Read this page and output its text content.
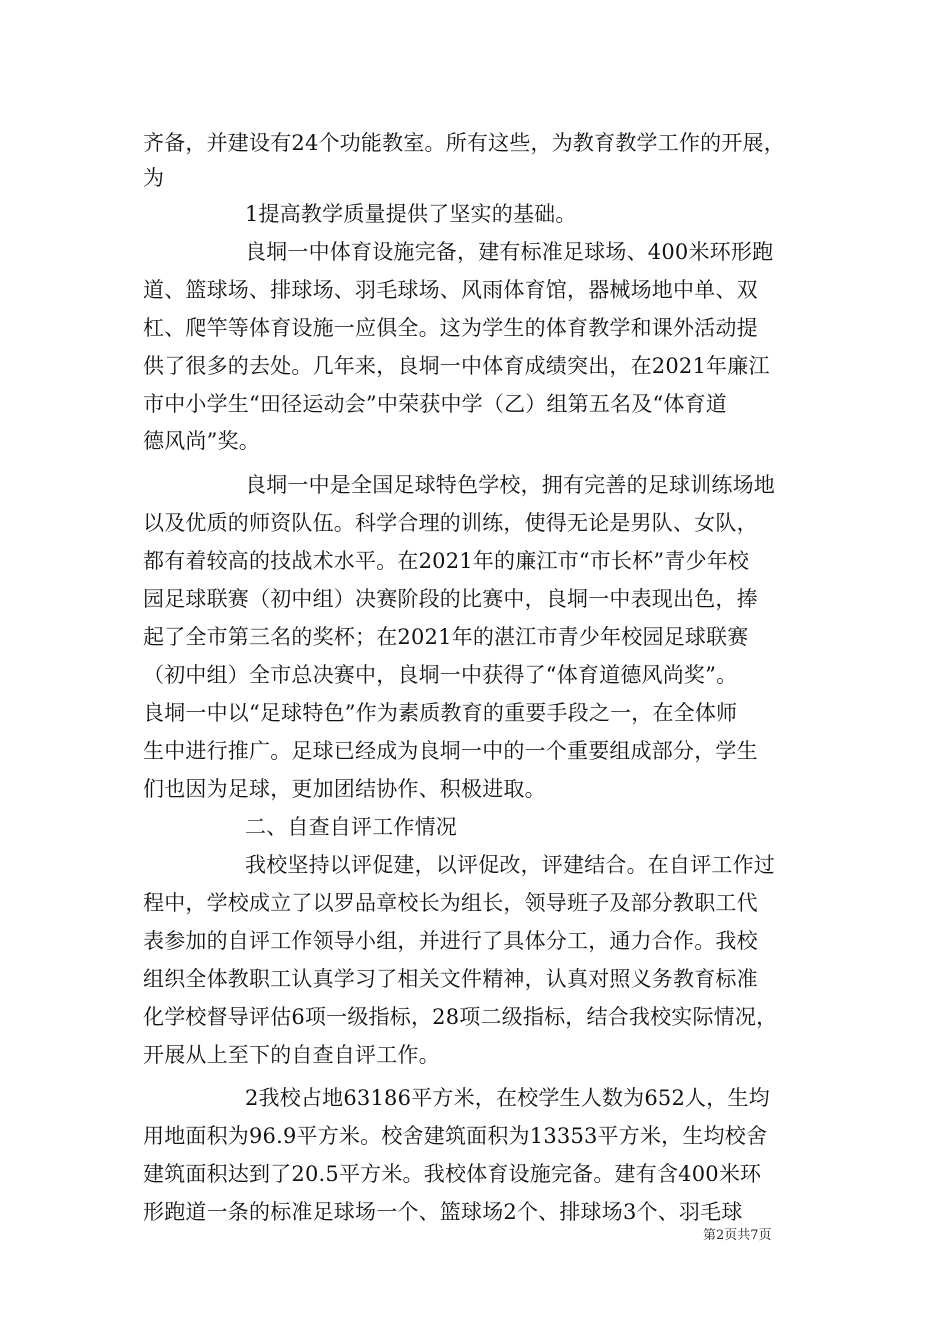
齐备，并建设有24个功能教室。所有这些，为教育教学工作的开展，
为
1提高教学质量提供了坚实的基础。
良垌一中体育设施完备，建有标准足球场、400米环形跑
道、篮球场、排球场、羽毛球场、风雨体育馆，器械场地中单、双
杠、爬竿等体育设施一应俱全。这为学生的体育教学和课外活动提
供了很多的去处。几年来，良垌一中体育成绩突出，在2021年廉江
市中小学生“田径运动会”中荣获中学（乙）组第五名及“体育道
德风尚”奖。
良垌一中是全国足球特色学校，拥有完善的足球训练场地
以及优质的师资队伍。科学合理的训练，使得无论是男队、女队，
都有着较高的技战术水平。在2021年的廉江市“市长杯”青少年校
园足球联赛（初中组）决赛阶段的比赛中，良垌一中表现出色，捧
起了全市第三名的奖杯；在2021年的湛江市青少年校园足球联赛
（初中组）全市总决赛中，良垌一中获得了“体育道德风尚奖”。
良垌一中以“足球特色”作为素质教育的重要手段之一，在全体师
生中进行推广。足球已经成为良垌一中的一个重要组成部分，学生
们也因为足球，更加团结协作、积极进取。
二、自查自评工作情况
我校坚持以评促建，以评促改，评建结合。在自评工作过
程中，学校成立了以罗品章校长为组长，领导班子及部分教职工代
表参加的自评工作领导小组，并进行了具体分工，通力合作。我校
组织全体教职工认真学习了相关文件精神，认真对照义务教育标准
化学校督导评估6项一级指标，28项二级指标，结合我校实际情况，
开展从上至下的自查自评工作。
2我校占地63186平方米，在校学生人数为652人，生均
用地面积为96.9平方米。校舍建筑面积为13353平方米，生均校舍
建筑面积达到了20.5平方米。我校体育设施完备。建有含400米环
形跑道一条的标准足球场一个、篮球场2个、排球场3个、羽毛球
第2页共7页
